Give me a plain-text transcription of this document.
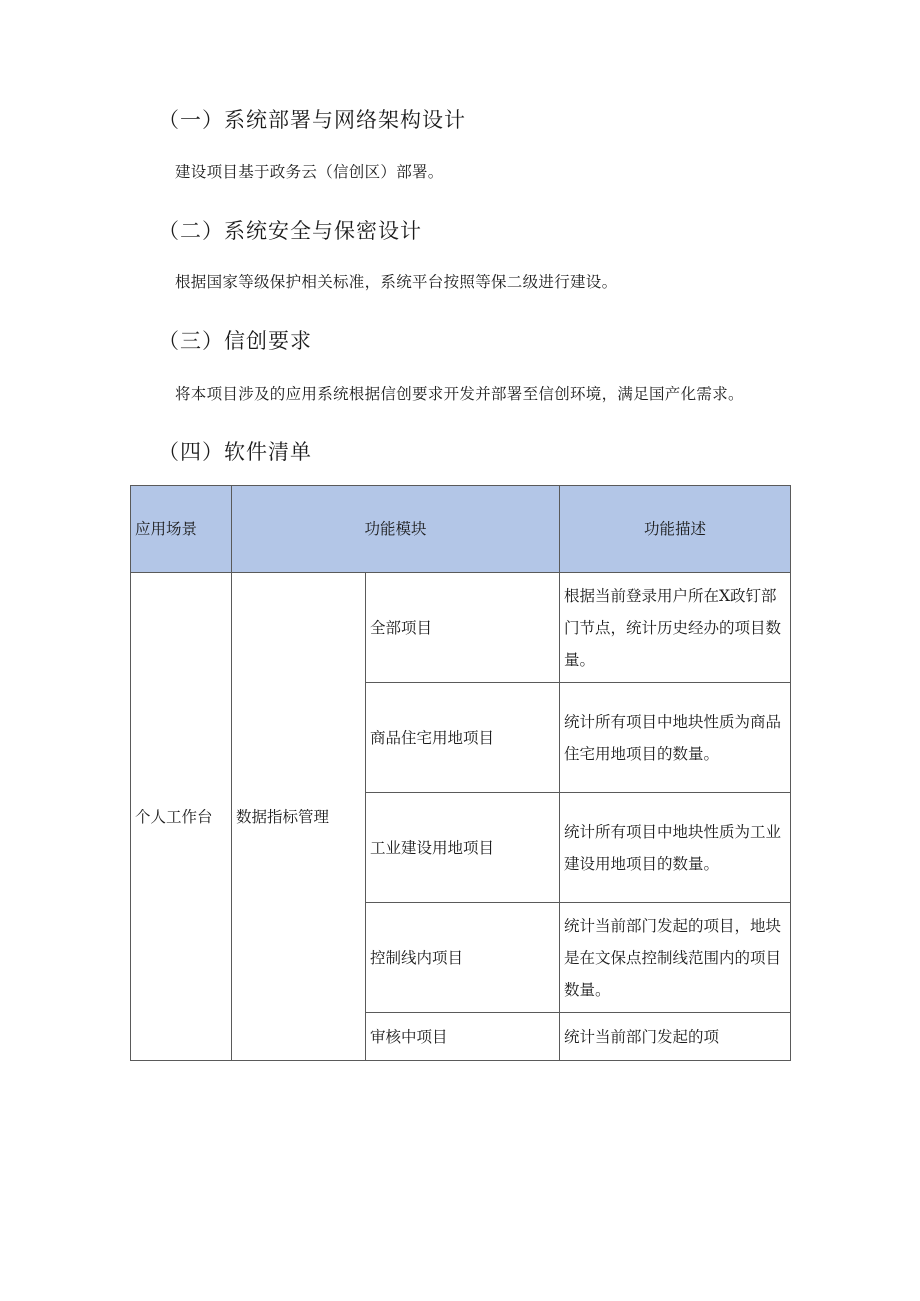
（一）系统部署与网络架构设计

建设项目基于政务云（信创区）部署。

（二）系统安全与保密设计

根据国家等级保护相关标准，系统平台按照等保二级进行建设。

（三）信创要求

将本项目涉及的应用系统根据信创要求开发并部署至信创环境，满足国产化需求。

（四）软件清单
应用场景	功能模块		功能描述
个人工作台	数据指标管理	全部项目	根据当前登录用户所在X政钉部门节点，统计历史经办的项目数量。
		商品住宅用地项目	统计所有项目中地块性质为商品住宅用地项目的数量。
		工业建设用地项目	统计所有项目中地块性质为工业建设用地项目的数量。
		控制线内项目	统计当前部门发起的项目，地块是在文保点控制线范围内的项目数量。
		审核中项目	统计当前部门发起的项
